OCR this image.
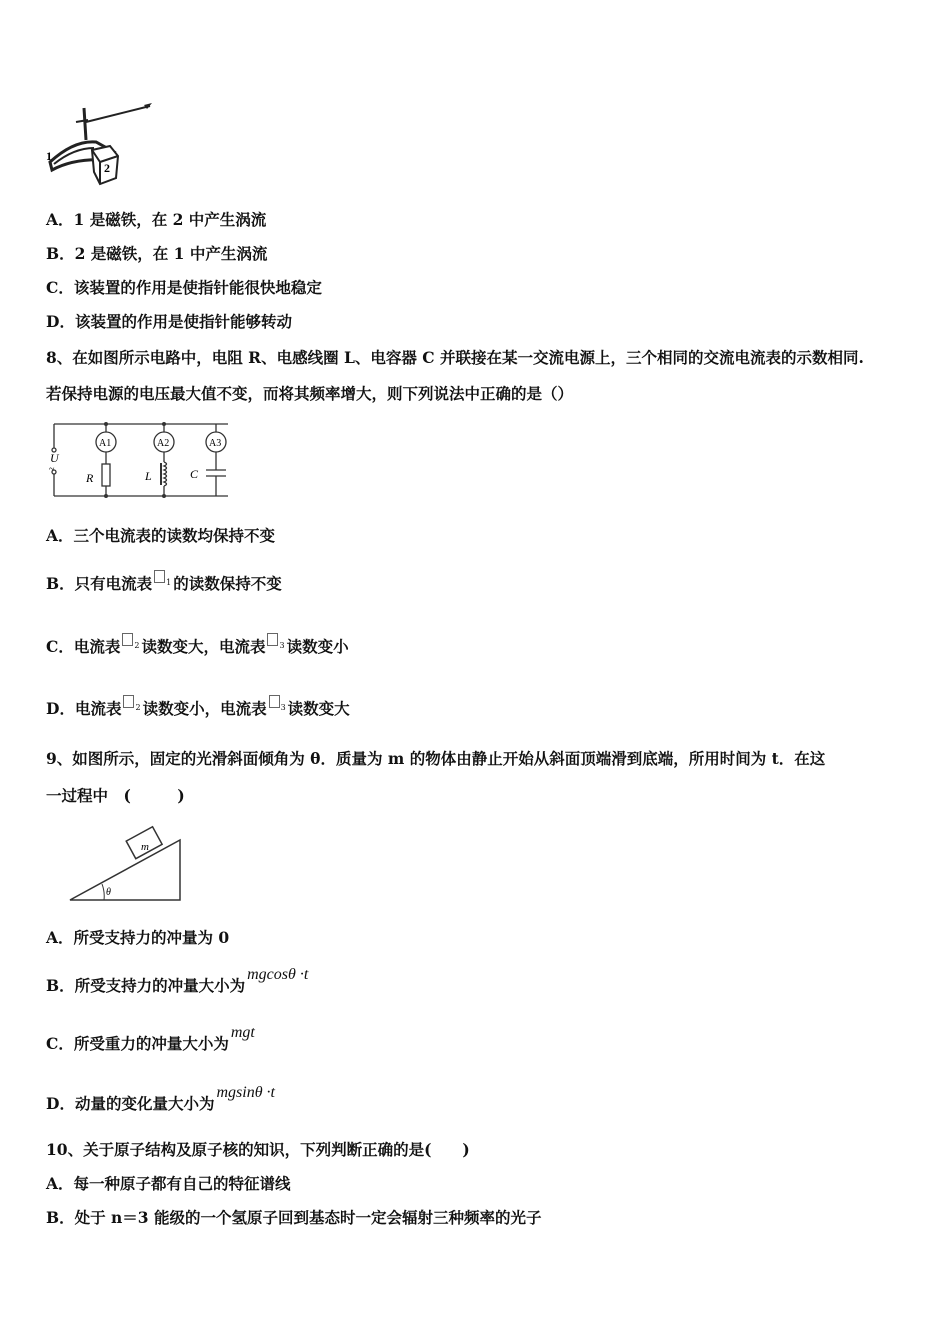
1
2
A．1 是磁铁，在 2 中产生涡流
B．2 是磁铁，在 1 中产生涡流
C．该装置的作用是使指针能很快地稳定
D．该装置的作用是使指针能够转动
8、在如图所示电路中，电阻 R、电感线圈 L、电容器 C 并联接在某一交流电源上，三个相同的交流电流表的示数相同.
若保持电源的电压最大值不变，而将其频率增大，则下列说法中正确的是（）
U
~
A1	A2	A3
R	L	C
A．三个电流表的读数均保持不变
B．只有电流表 $^1$ 的读数保持不变
C．电流表 $^2$ 读数变大，电流表 $^3$ 读数变小
D．电流表 $^2$ 读数变小，电流表 $^3$ 读数变大
9、如图所示，固定的光滑斜面倾角为 θ．质量为 m 的物体由静止开始从斜面顶端滑到底端，所用时间为 t．在这
一过程中　(　　　)
m
θ
A．所受支持力的冲量为 0
B．所受支持力的冲量大小为mgcosθ ·t
C．所受重力的冲量大小为mgt
D．动量的变化量大小为mgsinθ ·t
10、关于原子结构及原子核的知识，下列判断正确的是(　　)
A．每一种原子都有自己的特征谱线
B．处于 n＝3 能级的一个氢原子回到基态时一定会辐射三种频率的光子
